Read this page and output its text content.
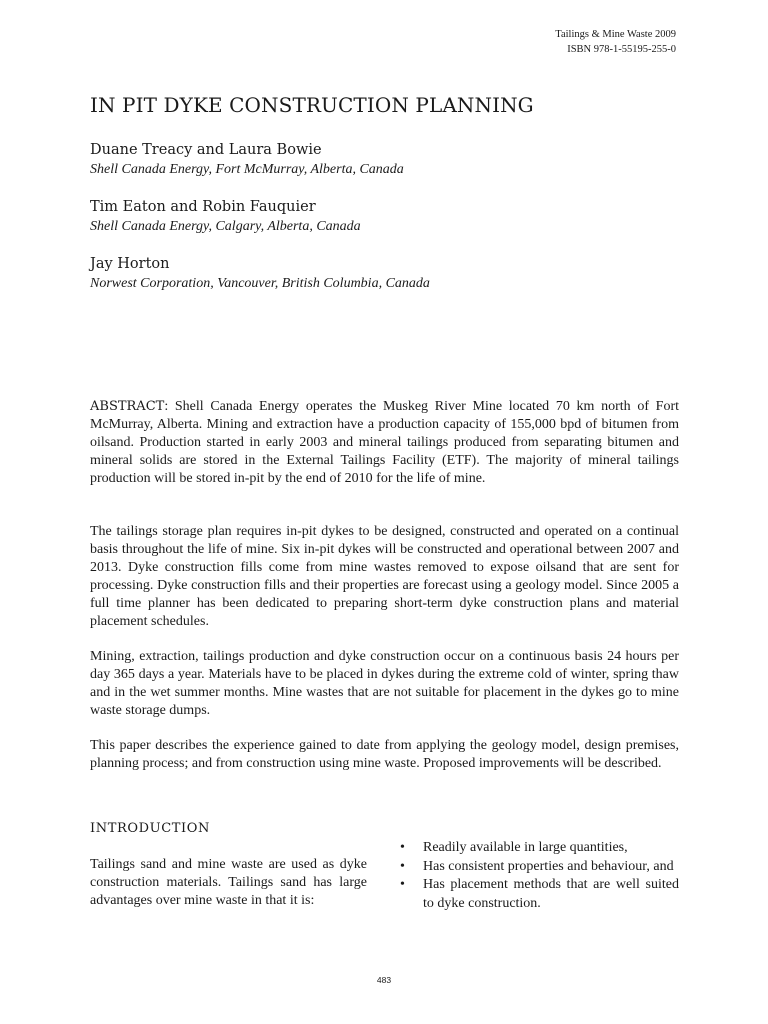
Tailings & Mine Waste 2009
ISBN 978-1-55195-255-0
IN PIT DYKE CONSTRUCTION PLANNING
Duane Treacy and Laura Bowie
Shell Canada Energy, Fort McMurray, Alberta, Canada
Tim Eaton and Robin Fauquier
Shell Canada Energy, Calgary, Alberta, Canada
Jay Horton
Norwest Corporation, Vancouver, British Columbia, Canada

ABSTRACT: Shell Canada Energy operates the Muskeg River Mine located 70 km north of Fort McMurray, Alberta. Mining and extraction have a production capacity of 155,000 bpd of bitumen from oilsand. Production started in early 2003 and mineral tailings produced from separating bitumen and mineral solids are stored in the External Tailings Facility (ETF). The majority of mineral tailings production will be stored in-pit by the end of 2010 for the life of mine.

The tailings storage plan requires in-pit dykes to be designed, constructed and operated on a continual basis throughout the life of mine. Six in-pit dykes will be constructed and operational between 2007 and 2013. Dyke construction fills come from mine wastes removed to expose oilsand that are sent for processing. Dyke construction fills and their properties are forecast using a geology model. Since 2005 a full time planner has been dedicated to preparing short-term dyke construction plans and material placement schedules.

Mining, extraction, tailings production and dyke construction occur on a continuous basis 24 hours per day 365 days a year. Materials have to be placed in dykes during the extreme cold of winter, spring thaw and in the wet summer months. Mine wastes that are not suitable for placement in the dykes go to mine waste storage dumps.

This paper describes the experience gained to date from applying the geology model, design premises, planning process; and from construction using mine waste. Proposed improvements will be described.

INTRODUCTION

Tailings sand and mine waste are used as dyke construction materials. Tailings sand has large advantages over mine waste in that it is:

• Readily available in large quantities,
• Has consistent properties and behaviour, and
• Has placement methods that are well suited to dyke construction.
483
